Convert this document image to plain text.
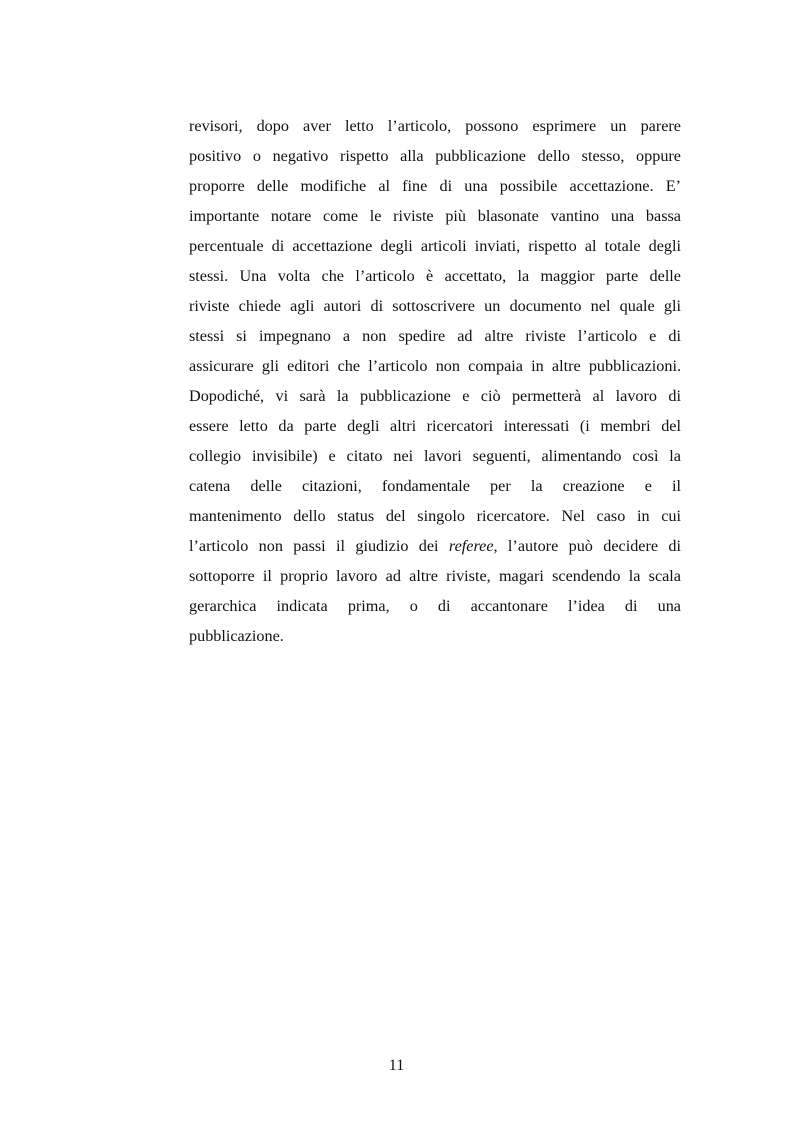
revisori, dopo aver letto l’articolo, possono esprimere un parere
positivo o negativo rispetto alla pubblicazione dello stesso, oppure
proporre delle modifiche al fine di una possibile accettazione. E’
importante notare come le riviste più blasonate vantino una bassa
percentuale di accettazione degli articoli inviati, rispetto al totale degli
stessi. Una volta che l’articolo è accettato, la maggior parte delle
riviste chiede agli autori di sottoscrivere un documento nel quale gli
stessi si impegnano a non spedire ad altre riviste l’articolo e di
assicurare gli editori che l’articolo non compaia in altre pubblicazioni.
Dopodiché, vi sarà la pubblicazione e ciò permetterà al lavoro di
essere letto da parte degli altri ricercatori interessati (i membri del
collegio invisibile) e citato nei lavori seguenti, alimentando così la
catena delle citazioni, fondamentale per la creazione e il
mantenimento dello status del singolo ricercatore. Nel caso in cui
l’articolo non passi il giudizio dei referee, l’autore può decidere di
sottoporre il proprio lavoro ad altre riviste, magari scendendo la scala
gerarchica indicata prima, o di accantonare l’idea di una
pubblicazione.
11
